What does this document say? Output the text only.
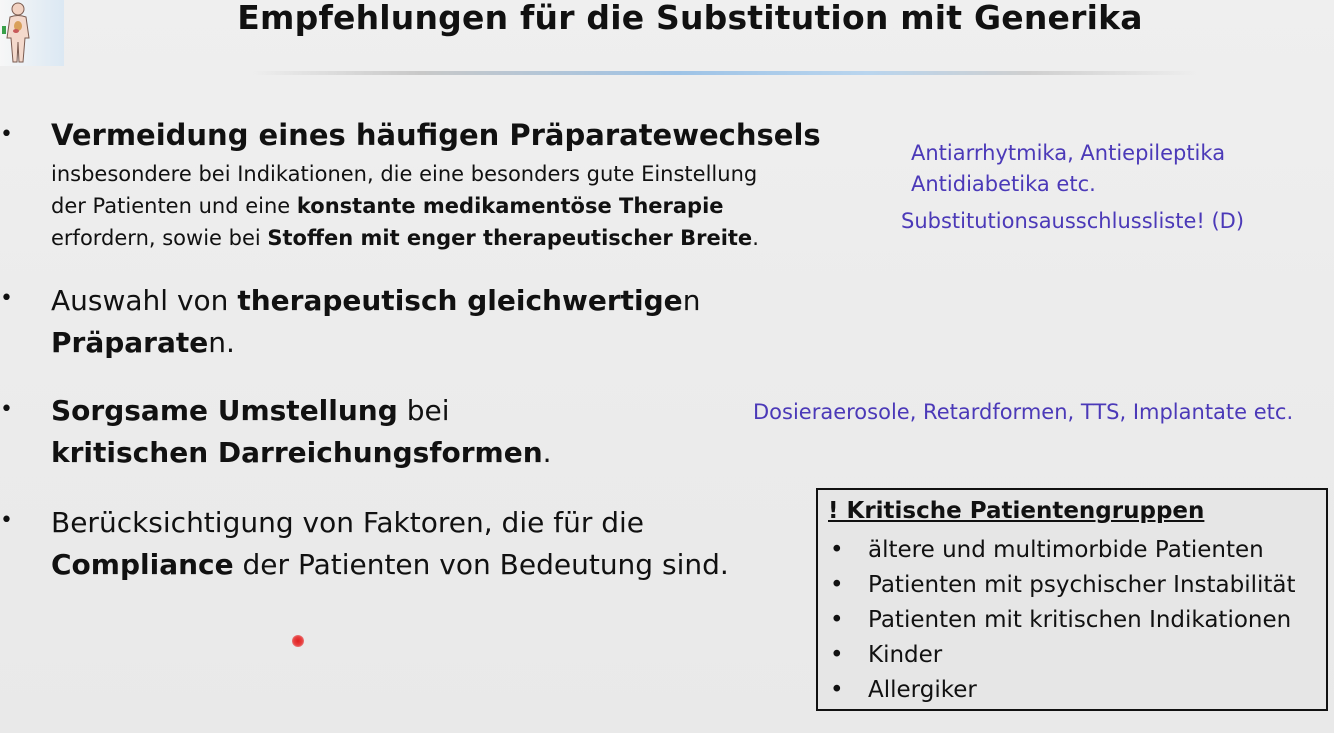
Empfehlungen für die Substitution mit Generika
• Vermeidung eines häufigen Präparatewechsels
insbesondere bei Indikationen, die eine besonders gute Einstellung der Patienten und eine konstante medikamentöse Therapie erfordern, sowie bei Stoffen mit enger therapeutischer Breite.
• Auswahl von therapeutisch gleichwertigen Präparaten.
• Sorgsame Umstellung bei kritischen Darreichungsformen.
• Berücksichtigung von Faktoren, die für die Compliance der Patienten von Bedeutung sind.
Antiarrhytmika, Antiepileptika
Antidiabetika etc.
Substitutionsausschlussliste! (D)
Dosieraerosole, Retardformen, TTS, Implantate etc.
! Kritische Patientengruppen
• ältere und multimorbide Patienten
• Patienten mit psychischer Instabilität
• Patienten mit kritischen Indikationen
• Kinder
• Allergiker
